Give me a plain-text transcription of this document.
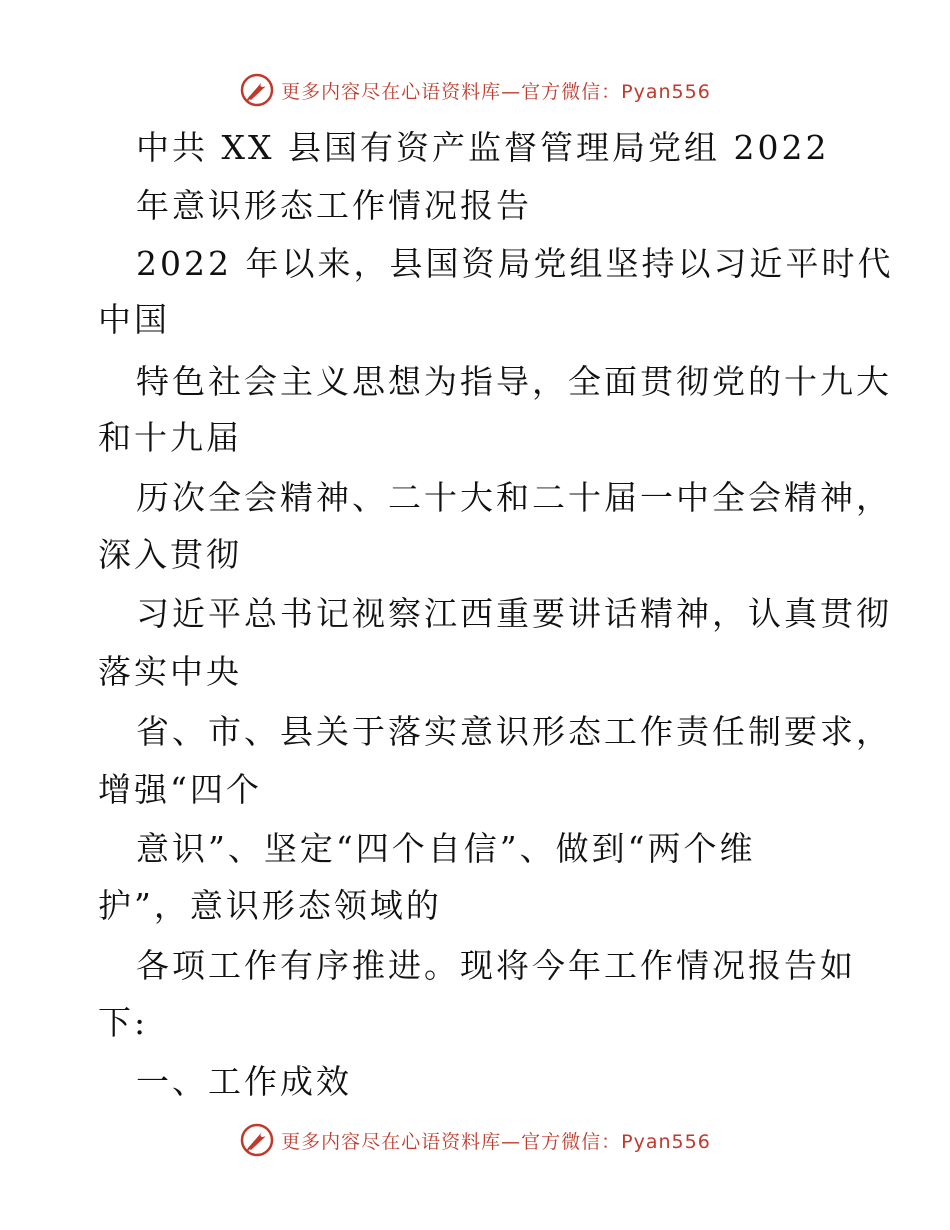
更多内容尽在心语资料库—官方微信：Pyan556
中共 XX 县国有资产监督管理局党组 2022
年意识形态工作情况报告
2022 年以来，县国资局党组坚持以习近平时代
中国
特色社会主义思想为指导，全面贯彻党的十九大
和十九届
历次全会精神、二十大和二十届一中全会精神，
深入贯彻
习近平总书记视察江西重要讲话精神，认真贯彻
落实中央
省、市、县关于落实意识形态工作责任制要求，
增强“四个
意识”、坚定“四个自信”、做到“两个维
护”，意识形态领域的
各项工作有序推进。现将今年工作情况报告如
下:
一、工作成效
更多内容尽在心语资料库—官方微信：Pyan556
